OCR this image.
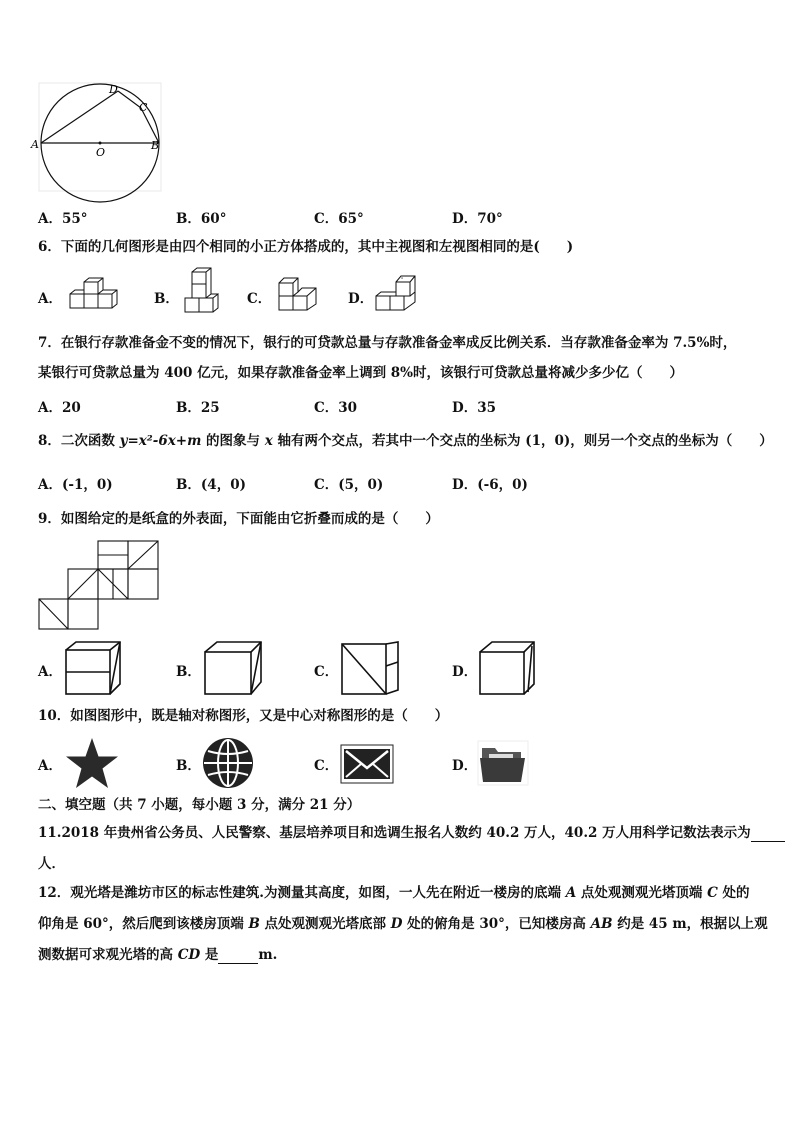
A	B
C
D
O
A．55°	B．60°	C．65°	D．70°
6．下面的几何图形是由四个相同的小正方体搭成的，其中主视图和左视图相同的是(　　)
A．	B．	C．	D．
7．在银行存款准备金不变的情况下，银行的可贷款总量与存款准备金率成反比例关系．当存款准备金率为 7.5%时，
某银行可贷款总量为 400 亿元，如果存款准备金率上调到 8%时，该银行可贷款总量将减少多少亿（　　）
A．20	B．25	C．30	D．35
8．二次函数 y=x²-6x+m 的图象与 x 轴有两个交点，若其中一个交点的坐标为 (1，0)，则另一个交点的坐标为（　　）
A．(-1，0)	B．(4，0)	C．(5，0)	D．(-6，0)
9．如图给定的是纸盒的外表面，下面能由它折叠而成的是（　　）
A．	B．	C．	D．
10．如图图形中，既是轴对称图形，又是中心对称图形的是（　　）
A．	B．	C．	D．
二、填空题（共 7 小题，每小题 3 分，满分 21 分）
11.2018 年贵州省公务员、人民警察、基层培养项目和选调生报名人数约 40.2 万人，40.2 万人用科学记数法表示为
人．
12．观光塔是潍坊市区的标志性建筑.为测量其高度，如图，一人先在附近一楼房的底端 A 点处观测观光塔顶端 C 处的
仰角是 60°，然后爬到该楼房顶端 B 点处观测观光塔底部 D 处的俯角是 30°，已知楼房高 AB 约是 45 m，根据以上观
测数据可求观光塔的高 CD 是	m.
